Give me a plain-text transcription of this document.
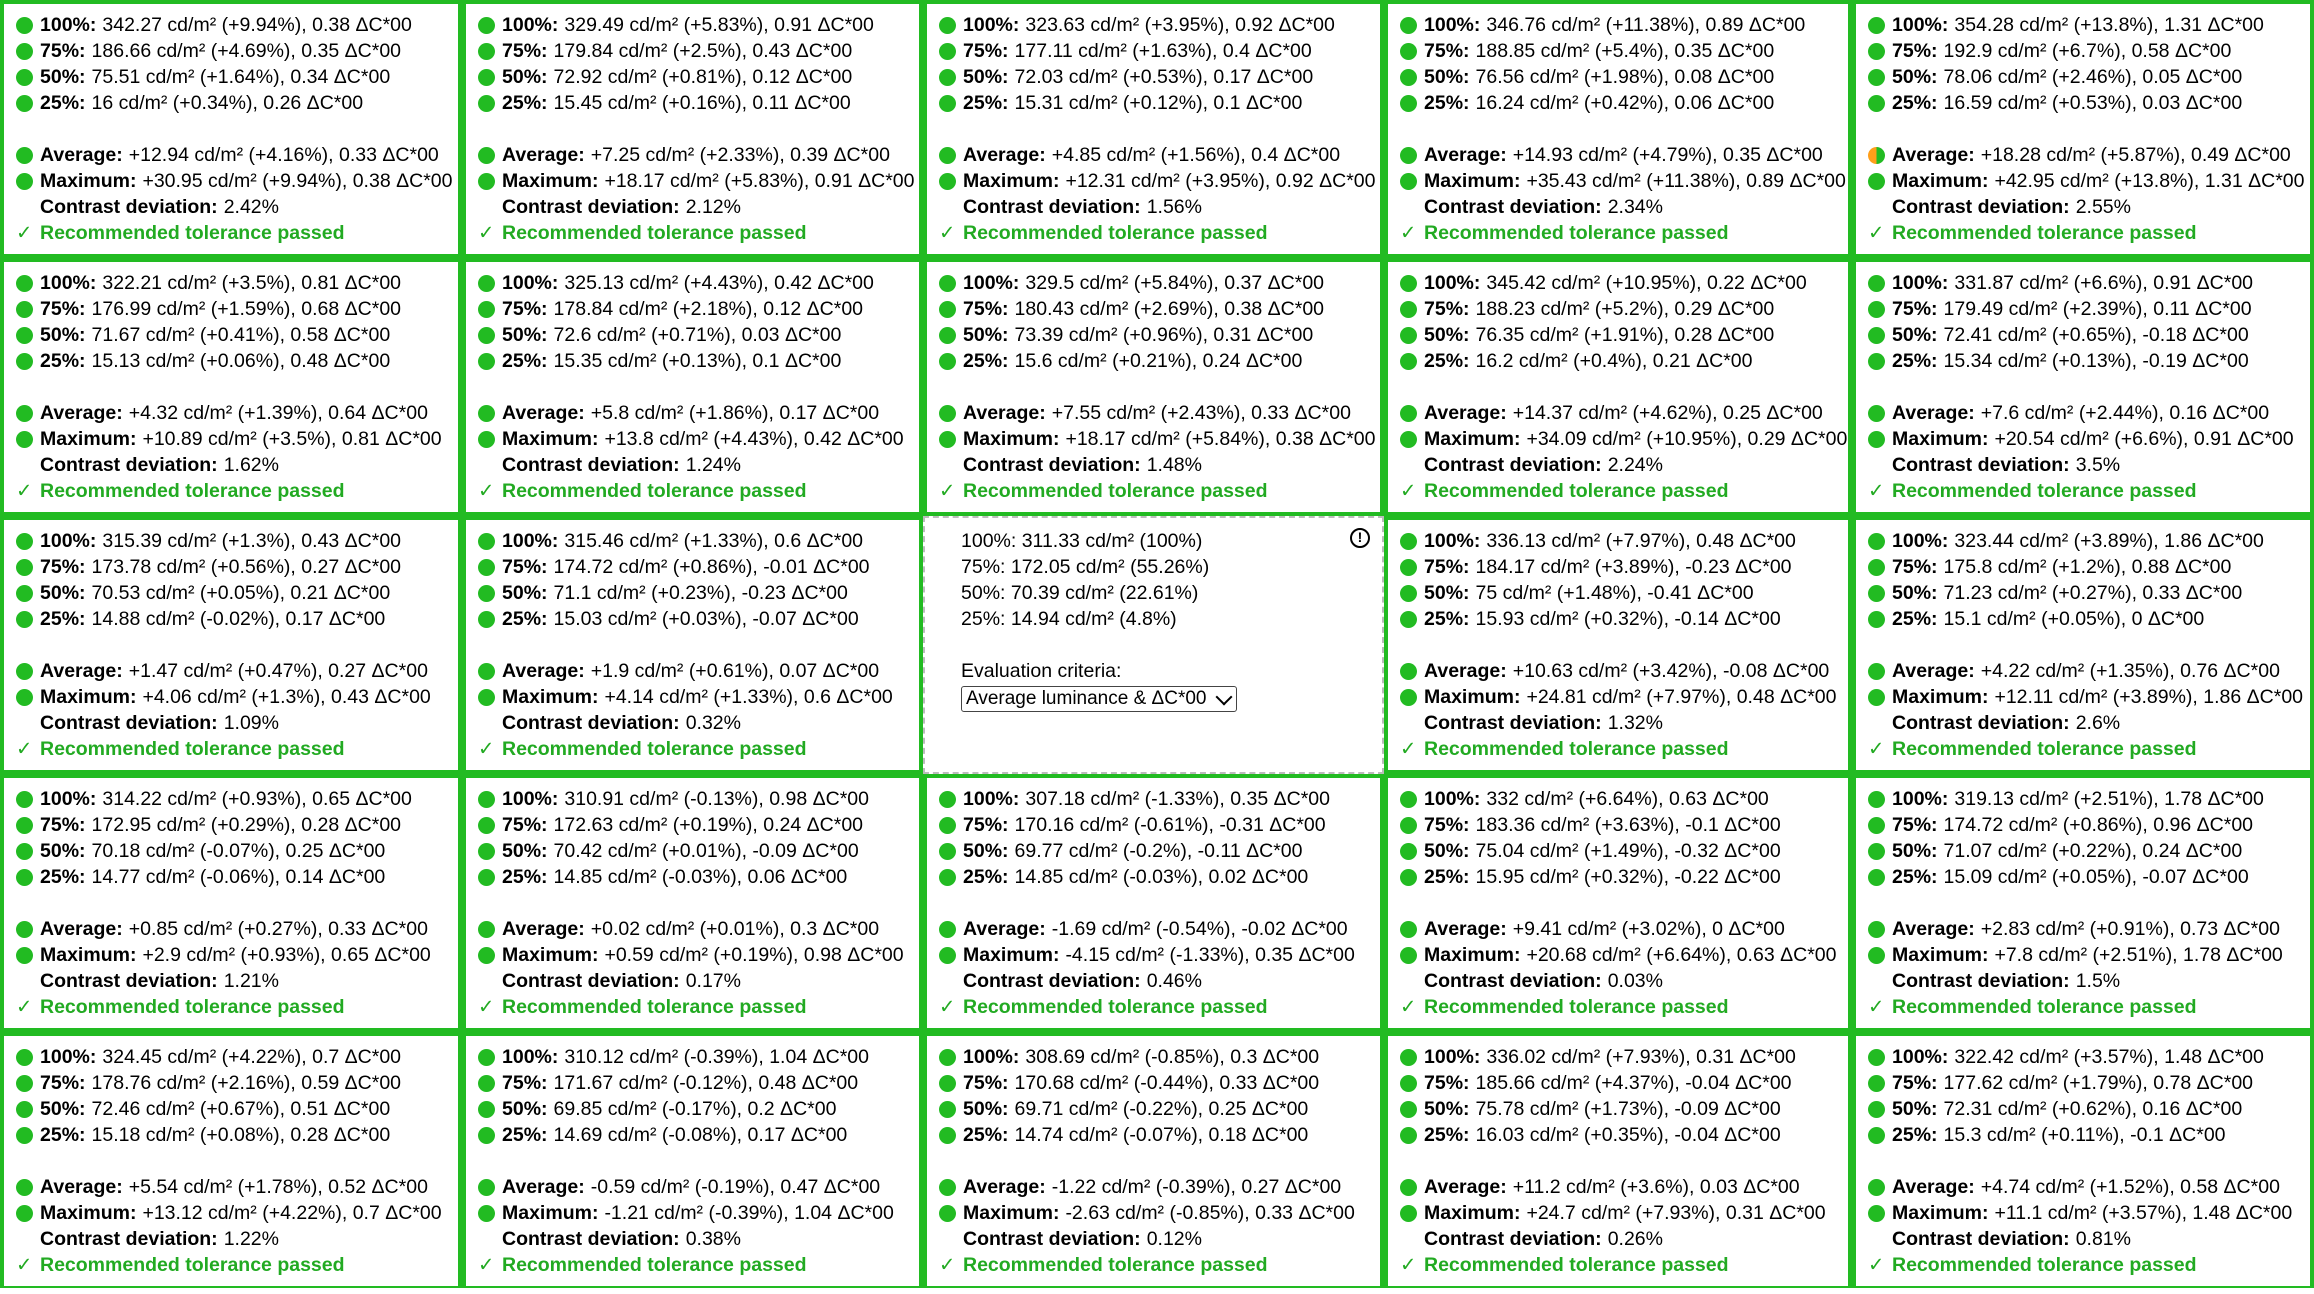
100%: 342.27 cd/m² (+9.94%), 0.38 ΔC*00
75%: 186.66 cd/m² (+4.69%), 0.35 ΔC*00
50%: 75.51 cd/m² (+1.64%), 0.34 ΔC*00
25%: 16 cd/m² (+0.34%), 0.26 ΔC*00
Average: +12.94 cd/m² (+4.16%), 0.33 ΔC*00
Maximum: +30.95 cd/m² (+9.94%), 0.38 ΔC*00
Contrast deviation: 2.42%
✓ Recommended tolerance passed
100%: 329.49 cd/m² (+5.83%), 0.91 ΔC*00
75%: 179.84 cd/m² (+2.5%), 0.43 ΔC*00
50%: 72.92 cd/m² (+0.81%), 0.12 ΔC*00
25%: 15.45 cd/m² (+0.16%), 0.11 ΔC*00
Average: +7.25 cd/m² (+2.33%), 0.39 ΔC*00
Maximum: +18.17 cd/m² (+5.83%), 0.91 ΔC*00
Contrast deviation: 2.12%
✓ Recommended tolerance passed
100%: 323.63 cd/m² (+3.95%), 0.92 ΔC*00
75%: 177.11 cd/m² (+1.63%), 0.4 ΔC*00
50%: 72.03 cd/m² (+0.53%), 0.17 ΔC*00
25%: 15.31 cd/m² (+0.12%), 0.1 ΔC*00
Average: +4.85 cd/m² (+1.56%), 0.4 ΔC*00
Maximum: +12.31 cd/m² (+3.95%), 0.92 ΔC*00
Contrast deviation: 1.56%
✓ Recommended tolerance passed
100%: 346.76 cd/m² (+11.38%), 0.89 ΔC*00
75%: 188.85 cd/m² (+5.4%), 0.35 ΔC*00
50%: 76.56 cd/m² (+1.98%), 0.08 ΔC*00
25%: 16.24 cd/m² (+0.42%), 0.06 ΔC*00
Average: +14.93 cd/m² (+4.79%), 0.35 ΔC*00
Maximum: +35.43 cd/m² (+11.38%), 0.89 ΔC*00
Contrast deviation: 2.34%
✓ Recommended tolerance passed
100%: 354.28 cd/m² (+13.8%), 1.31 ΔC*00
75%: 192.9 cd/m² (+6.7%), 0.58 ΔC*00
50%: 78.06 cd/m² (+2.46%), 0.05 ΔC*00
25%: 16.59 cd/m² (+0.53%), 0.03 ΔC*00
Average: +18.28 cd/m² (+5.87%), 0.49 ΔC*00
Maximum: +42.95 cd/m² (+13.8%), 1.31 ΔC*00
Contrast deviation: 2.55%
✓ Recommended tolerance passed
100%: 322.21 cd/m² (+3.5%), 0.81 ΔC*00
75%: 176.99 cd/m² (+1.59%), 0.68 ΔC*00
50%: 71.67 cd/m² (+0.41%), 0.58 ΔC*00
25%: 15.13 cd/m² (+0.06%), 0.48 ΔC*00
Average: +4.32 cd/m² (+1.39%), 0.64 ΔC*00
Maximum: +10.89 cd/m² (+3.5%), 0.81 ΔC*00
Contrast deviation: 1.62%
✓ Recommended tolerance passed
100%: 325.13 cd/m² (+4.43%), 0.42 ΔC*00
75%: 178.84 cd/m² (+2.18%), 0.12 ΔC*00
50%: 72.6 cd/m² (+0.71%), 0.03 ΔC*00
25%: 15.35 cd/m² (+0.13%), 0.1 ΔC*00
Average: +5.8 cd/m² (+1.86%), 0.17 ΔC*00
Maximum: +13.8 cd/m² (+4.43%), 0.42 ΔC*00
Contrast deviation: 1.24%
✓ Recommended tolerance passed
100%: 329.5 cd/m² (+5.84%), 0.37 ΔC*00
75%: 180.43 cd/m² (+2.69%), 0.38 ΔC*00
50%: 73.39 cd/m² (+0.96%), 0.31 ΔC*00
25%: 15.6 cd/m² (+0.21%), 0.24 ΔC*00
Average: +7.55 cd/m² (+2.43%), 0.33 ΔC*00
Maximum: +18.17 cd/m² (+5.84%), 0.38 ΔC*00
Contrast deviation: 1.48%
✓ Recommended tolerance passed
100%: 345.42 cd/m² (+10.95%), 0.22 ΔC*00
75%: 188.23 cd/m² (+5.2%), 0.29 ΔC*00
50%: 76.35 cd/m² (+1.91%), 0.28 ΔC*00
25%: 16.2 cd/m² (+0.4%), 0.21 ΔC*00
Average: +14.37 cd/m² (+4.62%), 0.25 ΔC*00
Maximum: +34.09 cd/m² (+10.95%), 0.29 ΔC*00
Contrast deviation: 2.24%
✓ Recommended tolerance passed
100%: 331.87 cd/m² (+6.6%), 0.91 ΔC*00
75%: 179.49 cd/m² (+2.39%), 0.11 ΔC*00
50%: 72.41 cd/m² (+0.65%), -0.18 ΔC*00
25%: 15.34 cd/m² (+0.13%), -0.19 ΔC*00
Average: +7.6 cd/m² (+2.44%), 0.16 ΔC*00
Maximum: +20.54 cd/m² (+6.6%), 0.91 ΔC*00
Contrast deviation: 3.5%
✓ Recommended tolerance passed
100%: 315.39 cd/m² (+1.3%), 0.43 ΔC*00
75%: 173.78 cd/m² (+0.56%), 0.27 ΔC*00
50%: 70.53 cd/m² (+0.05%), 0.21 ΔC*00
25%: 14.88 cd/m² (-0.02%), 0.17 ΔC*00
Average: +1.47 cd/m² (+0.47%), 0.27 ΔC*00
Maximum: +4.06 cd/m² (+1.3%), 0.43 ΔC*00
Contrast deviation: 1.09%
✓ Recommended tolerance passed
100%: 315.46 cd/m² (+1.33%), 0.6 ΔC*00
75%: 174.72 cd/m² (+0.86%), -0.01 ΔC*00
50%: 71.1 cd/m² (+0.23%), -0.23 ΔC*00
25%: 15.03 cd/m² (+0.03%), -0.07 ΔC*00
Average: +1.9 cd/m² (+0.61%), 0.07 ΔC*00
Maximum: +4.14 cd/m² (+1.33%), 0.6 ΔC*00
Contrast deviation: 0.32%
✓ Recommended tolerance passed
100%: 311.33 cd/m² (100%)
75%: 172.05 cd/m² (55.26%)
50%: 70.39 cd/m² (22.61%)
25%: 14.94 cd/m² (4.8%)
Evaluation criteria:
Average luminance & ΔC*00
!	100%: 336.13 cd/m² (+7.97%), 0.48 ΔC*00
75%: 184.17 cd/m² (+3.89%), -0.23 ΔC*00
50%: 75 cd/m² (+1.48%), -0.41 ΔC*00
25%: 15.93 cd/m² (+0.32%), -0.14 ΔC*00
Average: +10.63 cd/m² (+3.42%), -0.08 ΔC*00
Maximum: +24.81 cd/m² (+7.97%), 0.48 ΔC*00
Contrast deviation: 1.32%
✓ Recommended tolerance passed
100%: 323.44 cd/m² (+3.89%), 1.86 ΔC*00
75%: 175.8 cd/m² (+1.2%), 0.88 ΔC*00
50%: 71.23 cd/m² (+0.27%), 0.33 ΔC*00
25%: 15.1 cd/m² (+0.05%), 0 ΔC*00
Average: +4.22 cd/m² (+1.35%), 0.76 ΔC*00
Maximum: +12.11 cd/m² (+3.89%), 1.86 ΔC*00
Contrast deviation: 2.6%
✓ Recommended tolerance passed
100%: 314.22 cd/m² (+0.93%), 0.65 ΔC*00
75%: 172.95 cd/m² (+0.29%), 0.28 ΔC*00
50%: 70.18 cd/m² (-0.07%), 0.25 ΔC*00
25%: 14.77 cd/m² (-0.06%), 0.14 ΔC*00
Average: +0.85 cd/m² (+0.27%), 0.33 ΔC*00
Maximum: +2.9 cd/m² (+0.93%), 0.65 ΔC*00
Contrast deviation: 1.21%
✓ Recommended tolerance passed
100%: 310.91 cd/m² (-0.13%), 0.98 ΔC*00
75%: 172.63 cd/m² (+0.19%), 0.24 ΔC*00
50%: 70.42 cd/m² (+0.01%), -0.09 ΔC*00
25%: 14.85 cd/m² (-0.03%), 0.06 ΔC*00
Average: +0.02 cd/m² (+0.01%), 0.3 ΔC*00
Maximum: +0.59 cd/m² (+0.19%), 0.98 ΔC*00
Contrast deviation: 0.17%
✓ Recommended tolerance passed
100%: 307.18 cd/m² (-1.33%), 0.35 ΔC*00
75%: 170.16 cd/m² (-0.61%), -0.31 ΔC*00
50%: 69.77 cd/m² (-0.2%), -0.11 ΔC*00
25%: 14.85 cd/m² (-0.03%), 0.02 ΔC*00
Average: -1.69 cd/m² (-0.54%), -0.02 ΔC*00
Maximum: -4.15 cd/m² (-1.33%), 0.35 ΔC*00
Contrast deviation: 0.46%
✓ Recommended tolerance passed
100%: 332 cd/m² (+6.64%), 0.63 ΔC*00
75%: 183.36 cd/m² (+3.63%), -0.1 ΔC*00
50%: 75.04 cd/m² (+1.49%), -0.32 ΔC*00
25%: 15.95 cd/m² (+0.32%), -0.22 ΔC*00
Average: +9.41 cd/m² (+3.02%), 0 ΔC*00
Maximum: +20.68 cd/m² (+6.64%), 0.63 ΔC*00
Contrast deviation: 0.03%
✓ Recommended tolerance passed
100%: 319.13 cd/m² (+2.51%), 1.78 ΔC*00
75%: 174.72 cd/m² (+0.86%), 0.96 ΔC*00
50%: 71.07 cd/m² (+0.22%), 0.24 ΔC*00
25%: 15.09 cd/m² (+0.05%), -0.07 ΔC*00
Average: +2.83 cd/m² (+0.91%), 0.73 ΔC*00
Maximum: +7.8 cd/m² (+2.51%), 1.78 ΔC*00
Contrast deviation: 1.5%
✓ Recommended tolerance passed
100%: 324.45 cd/m² (+4.22%), 0.7 ΔC*00
75%: 178.76 cd/m² (+2.16%), 0.59 ΔC*00
50%: 72.46 cd/m² (+0.67%), 0.51 ΔC*00
25%: 15.18 cd/m² (+0.08%), 0.28 ΔC*00
Average: +5.54 cd/m² (+1.78%), 0.52 ΔC*00
Maximum: +13.12 cd/m² (+4.22%), 0.7 ΔC*00
Contrast deviation: 1.22%
✓ Recommended tolerance passed
100%: 310.12 cd/m² (-0.39%), 1.04 ΔC*00
75%: 171.67 cd/m² (-0.12%), 0.48 ΔC*00
50%: 69.85 cd/m² (-0.17%), 0.2 ΔC*00
25%: 14.69 cd/m² (-0.08%), 0.17 ΔC*00
Average: -0.59 cd/m² (-0.19%), 0.47 ΔC*00
Maximum: -1.21 cd/m² (-0.39%), 1.04 ΔC*00
Contrast deviation: 0.38%
✓ Recommended tolerance passed
100%: 308.69 cd/m² (-0.85%), 0.3 ΔC*00
75%: 170.68 cd/m² (-0.44%), 0.33 ΔC*00
50%: 69.71 cd/m² (-0.22%), 0.25 ΔC*00
25%: 14.74 cd/m² (-0.07%), 0.18 ΔC*00
Average: -1.22 cd/m² (-0.39%), 0.27 ΔC*00
Maximum: -2.63 cd/m² (-0.85%), 0.33 ΔC*00
Contrast deviation: 0.12%
✓ Recommended tolerance passed
100%: 336.02 cd/m² (+7.93%), 0.31 ΔC*00
75%: 185.66 cd/m² (+4.37%), -0.04 ΔC*00
50%: 75.78 cd/m² (+1.73%), -0.09 ΔC*00
25%: 16.03 cd/m² (+0.35%), -0.04 ΔC*00
Average: +11.2 cd/m² (+3.6%), 0.03 ΔC*00
Maximum: +24.7 cd/m² (+7.93%), 0.31 ΔC*00
Contrast deviation: 0.26%
✓ Recommended tolerance passed
100%: 322.42 cd/m² (+3.57%), 1.48 ΔC*00
75%: 177.62 cd/m² (+1.79%), 0.78 ΔC*00
50%: 72.31 cd/m² (+0.62%), 0.16 ΔC*00
25%: 15.3 cd/m² (+0.11%), -0.1 ΔC*00
Average: +4.74 cd/m² (+1.52%), 0.58 ΔC*00
Maximum: +11.1 cd/m² (+3.57%), 1.48 ΔC*00
Contrast deviation: 0.81%
✓ Recommended tolerance passed
